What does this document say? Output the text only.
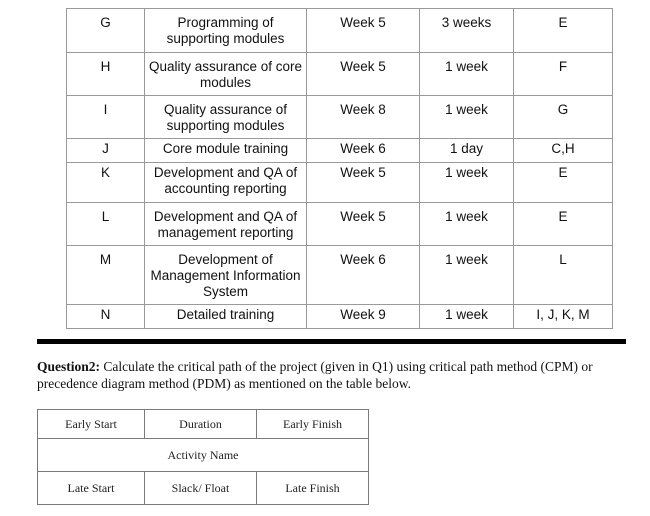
G	Programming of supporting modules	Week 5	3 weeks	E
H	Quality assurance of core modules	Week 5	1 week	F
I	Quality assurance of supporting modules	Week 8	1 week	G
J	Core module training	Week 6	1 day	C,H
K	Development and QA of accounting reporting	Week 5	1 week	E
L	Development and QA of management reporting	Week 5	1 week	E
M	Development of Management Information System	Week 6	1 week	L
N	Detailed training	Week 9	1 week	I, J, K, M

Question2: Calculate the critical path of the project (given in Q1) using critical path method (CPM) or precedence diagram method (PDM) as mentioned on the table below.

Early Start	Duration	Early Finish
Activity Name		
Late Start	Slack/ Float	Late Finish
